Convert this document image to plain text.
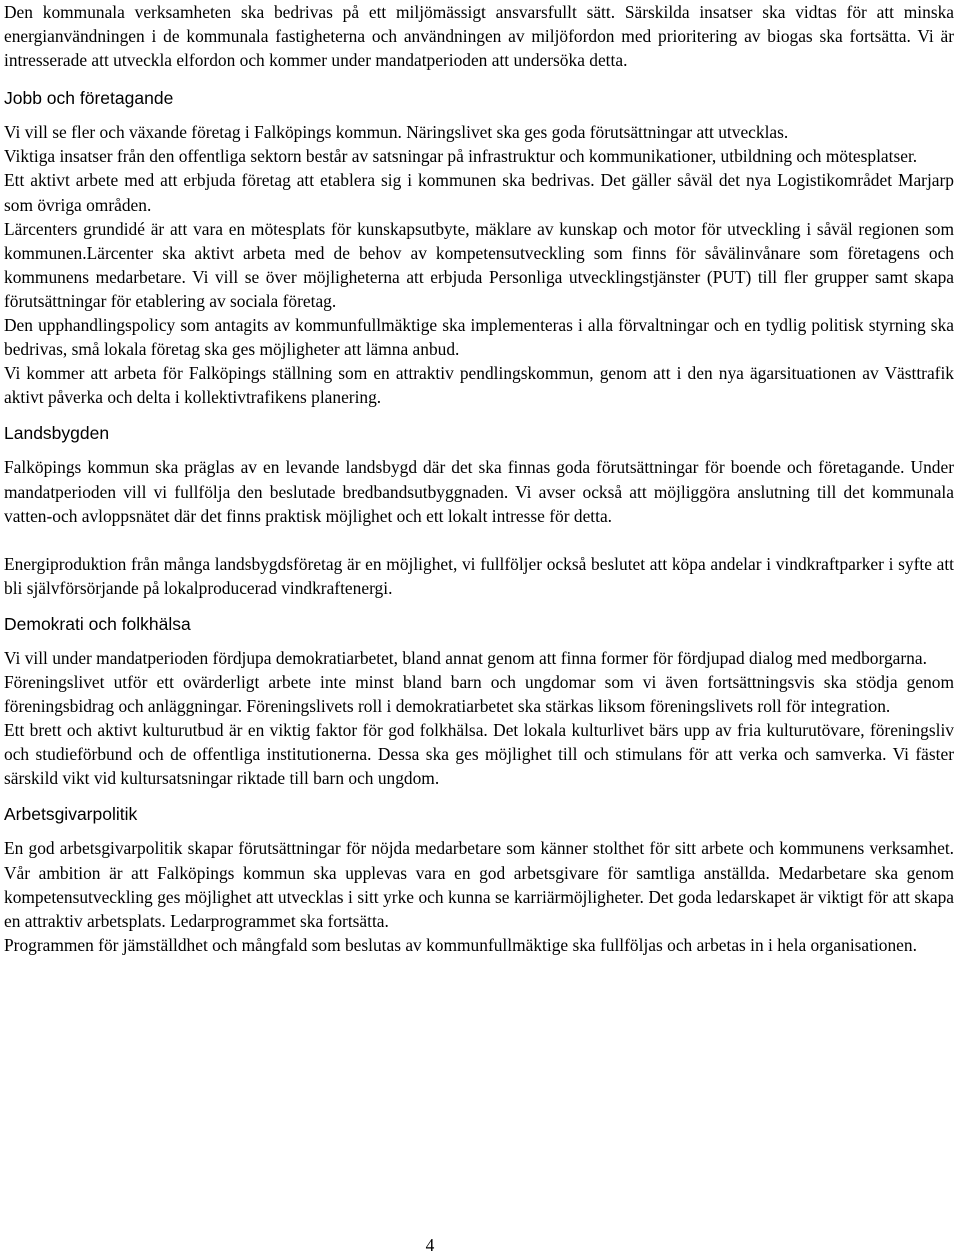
Den kommunala verksamheten ska bedrivas på ett miljömässigt ansvarsfullt sätt. Särskilda insatser ska vidtas för att minska energianvändningen i de kommunala fastigheterna och användningen av miljöfordon med prioritering av biogas ska fortsätta. Vi är intresserade att utveckla elfordon och kommer under mandatperioden att undersöka detta.

Jobb och företagande

Vi vill se fler och växande företag i Falköpings kommun. Näringslivet ska ges goda förutsättningar att utvecklas.

Viktiga insatser från den offentliga sektorn består av satsningar på infrastruktur och kommunikationer, utbildning och mötesplatser.

Ett aktivt arbete med att erbjuda företag att etablera sig i kommunen ska bedrivas. Det gäller såväl det nya Logistikområdet Marjarp som övriga områden.

Lärcenters grundidé är att vara en mötesplats för kunskapsutbyte, mäklare av kunskap och motor för utveckling i såväl regionen som kommunen.Lärcenter ska aktivt arbeta med de behov av kompetensutveckling som finns för såvälinvånare som företagens och kommunens medarbetare. Vi vill se över möjligheterna att erbjuda Personliga utvecklingstjänster (PUT) till fler grupper samt skapa förutsättningar för etablering av sociala företag.

Den upphandlingspolicy som antagits av kommunfullmäktige ska implementeras i alla förvaltningar och en tydlig politisk styrning ska bedrivas, små lokala företag ska ges möjligheter att lämna anbud.

Vi kommer att arbeta för Falköpings ställning som en attraktiv pendlingskommun, genom att i den nya ägarsituationen av Västtrafik aktivt påverka och delta i kollektivtrafikens planering.

Landsbygden

Falköpings kommun ska präglas av en levande landsbygd där det ska finnas goda förutsättningar för boende och företagande. Under mandatperioden vill vi fullfölja den beslutade bredbandsutbyggnaden. Vi avser också att möjliggöra anslutning till det kommunala vatten-och avloppsnätet där det finns praktisk möjlighet och ett lokalt intresse för detta.

Energiproduktion från många landsbygdsföretag är en möjlighet, vi fullföljer också beslutet att köpa andelar i vindkraftparker i syfte att bli självförsörjande på lokalproducerad vindkraftenergi.

Demokrati och folkhälsa

Vi vill under mandatperioden fördjupa demokratiarbetet, bland annat genom att finna former för fördjupad dialog med medborgarna.

Föreningslivet utför ett ovärderligt arbete inte minst bland barn och ungdomar som vi även fortsättningsvis ska stödja genom föreningsbidrag och anläggningar. Föreningslivets roll i demokratiarbetet ska stärkas liksom föreningslivets roll för integration.

Ett brett och aktivt kulturutbud är en viktig faktor för god folkhälsa. Det lokala kulturlivet bärs upp av fria kulturutövare, föreningsliv och studieförbund och de offentliga institutionerna. Dessa ska ges möjlighet till och stimulans för att verka och samverka. Vi fäster särskild vikt vid kultursatsningar riktade till barn och ungdom.

Arbetsgivarpolitik

En god arbetsgivarpolitik skapar förutsättningar för nöjda medarbetare som känner stolthet för sitt arbete och kommunens verksamhet. Vår ambition är att Falköpings kommun ska upplevas vara en god arbetsgivare för samtliga anställda. Medarbetare ska genom kompetensutveckling ges möjlighet att utvecklas i sitt yrke och kunna se karriärmöjligheter. Det goda ledarskapet är viktigt för att skapa en attraktiv arbetsplats. Ledarprogrammet ska fortsätta.

Programmen för jämställdhet och mångfald som beslutas av kommunfullmäktige ska fullföljas och arbetas in i hela organisationen.

4
